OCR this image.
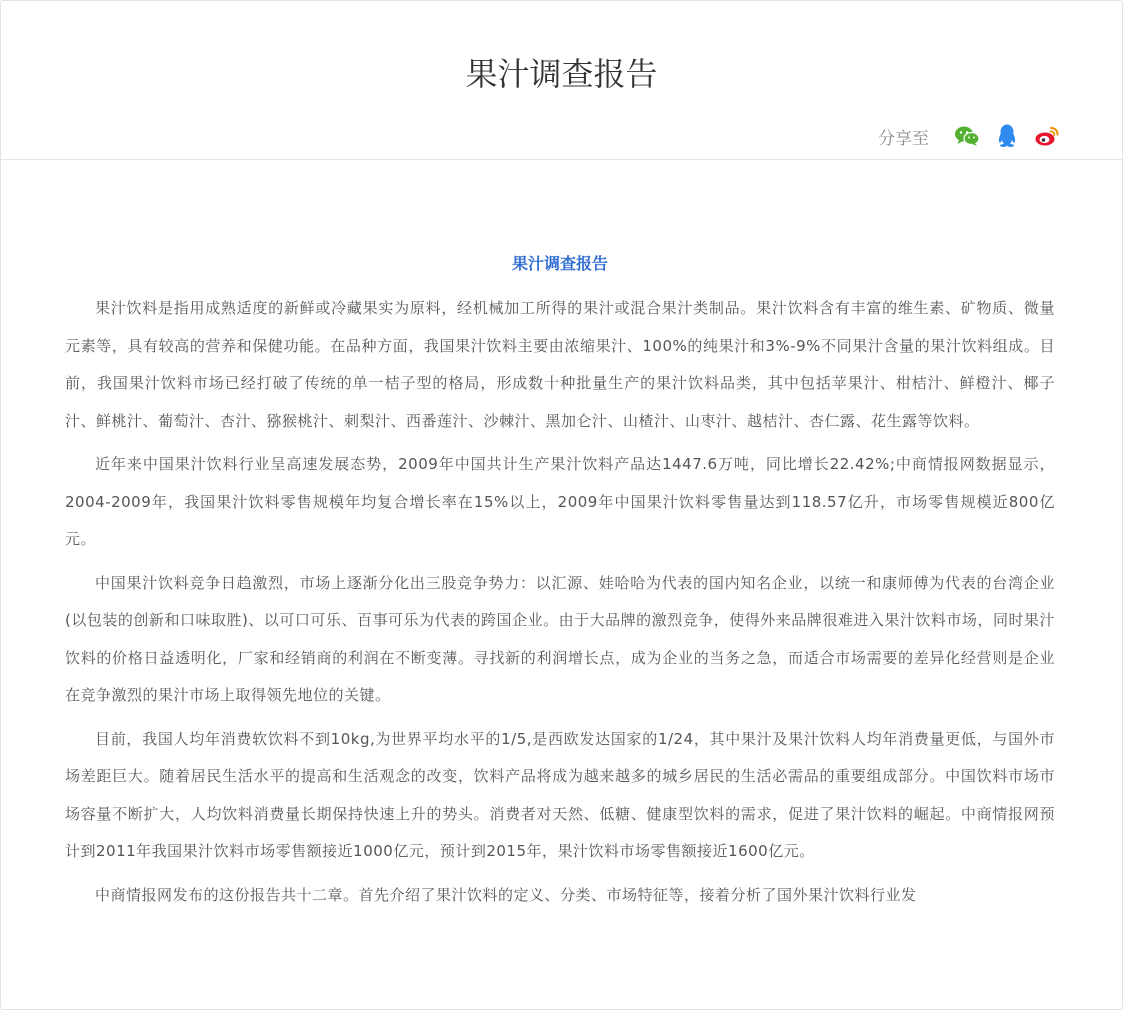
果汁调查报告
分享至

果汁调查报告

果汁饮料是指用成熟适度的新鲜或冷藏果实为原料，经机械加工所得的果汁或混合果汁类制品。果汁饮料含有丰富的维生素、矿物质、微量元素等，具有较高的营养和保健功能。在品种方面，我国果汁饮料主要由浓缩果汁、100%的纯果汁和3%-9%不同果汁含量的果汁饮料组成。目前，我国果汁饮料市场已经打破了传统的单一桔子型的格局，形成数十种批量生产的果汁饮料品类，其中包括苹果汁、柑桔汁、鲜橙汁、椰子汁、鲜桃汁、葡萄汁、杏汁、猕猴桃汁、刺梨汁、西番莲汁、沙棘汁、黑加仑汁、山楂汁、山枣汁、越桔汁、杏仁露、花生露等饮料。

近年来中国果汁饮料行业呈高速发展态势，2009年中国共计生产果汁饮料产品达1447.6万吨，同比增长22.42%;中商情报网数据显示，2004-2009年，我国果汁饮料零售规模年均复合增长率在15%以上，2009年中国果汁饮料零售量达到118.57亿升，市场零售规模近800亿元。

中国果汁饮料竞争日趋激烈，市场上逐渐分化出三股竞争势力：以汇源、娃哈哈为代表的国内知名企业，以统一和康师傅为代表的台湾企业(以包装的创新和口味取胜)、以可口可乐、百事可乐为代表的跨国企业。由于大品牌的激烈竞争，使得外来品牌很难进入果汁饮料市场，同时果汁饮料的价格日益透明化，厂家和经销商的利润在不断变薄。寻找新的利润增长点，成为企业的当务之急，而适合市场需要的差异化经营则是企业在竞争激烈的果汁市场上取得领先地位的关键。

目前，我国人均年消费软饮料不到10kg,为世界平均水平的1/5,是西欧发达国家的1/24，其中果汁及果汁饮料人均年消费量更低，与国外市场差距巨大。随着居民生活水平的提高和生活观念的改变，饮料产品将成为越来越多的城乡居民的生活必需品的重要组成部分。中国饮料市场市场容量不断扩大，人均饮料消费量长期保持快速上升的势头。消费者对天然、低糖、健康型饮料的需求，促进了果汁饮料的崛起。中商情报网预计到2011年我国果汁饮料市场零售额接近1000亿元，预计到2015年，果汁饮料市场零售额接近1600亿元。

中商情报网发布的这份报告共十二章。首先介绍了果汁饮料的定义、分类、市场特征等，接着分析了国外果汁饮料行业发
